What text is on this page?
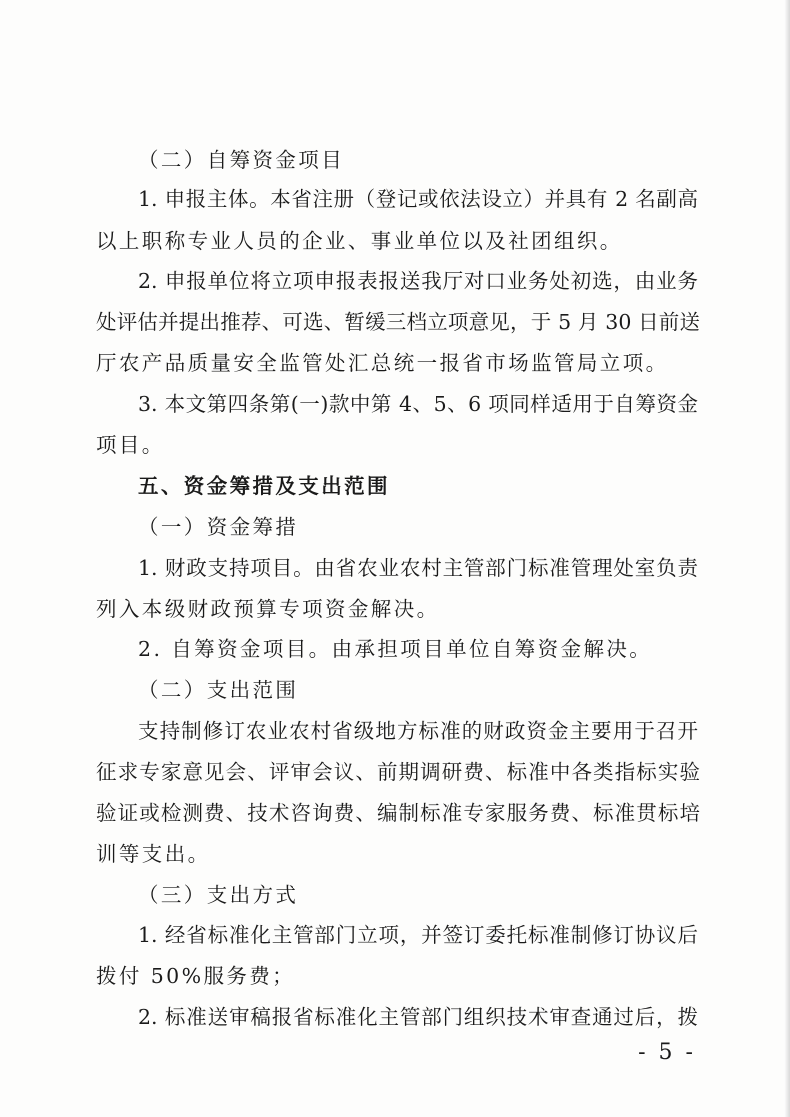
（二）自筹资金项目
1. 申报主体。本省注册（登记或依法设立）并具有 2 名副高
以上职称专业人员的企业、事业单位以及社团组织。
2. 申报单位将立项申报表报送我厅对口业务处初选，由业务
处评估并提出推荐、可选、暂缓三档立项意见，于 5 月 30 日前送
厅农产品质量安全监管处汇总统一报省市场监管局立项。
3. 本文第四条第(一)款中第 4、5、6 项同样适用于自筹资金
项目。
五、资金筹措及支出范围
（一）资金筹措
1. 财政支持项目。由省农业农村主管部门标准管理处室负责
列入本级财政预算专项资金解决。
2. 自筹资金项目。由承担项目单位自筹资金解决。
（二）支出范围
支持制修订农业农村省级地方标准的财政资金主要用于召开
征求专家意见会、评审会议、前期调研费、标准中各类指标实验
验证或检测费、技术咨询费、编制标准专家服务费、标准贯标培
训等支出。
（三）支出方式
1. 经省标准化主管部门立项，并签订委托标准制修订协议后
拨付 50%服务费；
2. 标准送审稿报省标准化主管部门组织技术审查通过后，拨
- 5 -
